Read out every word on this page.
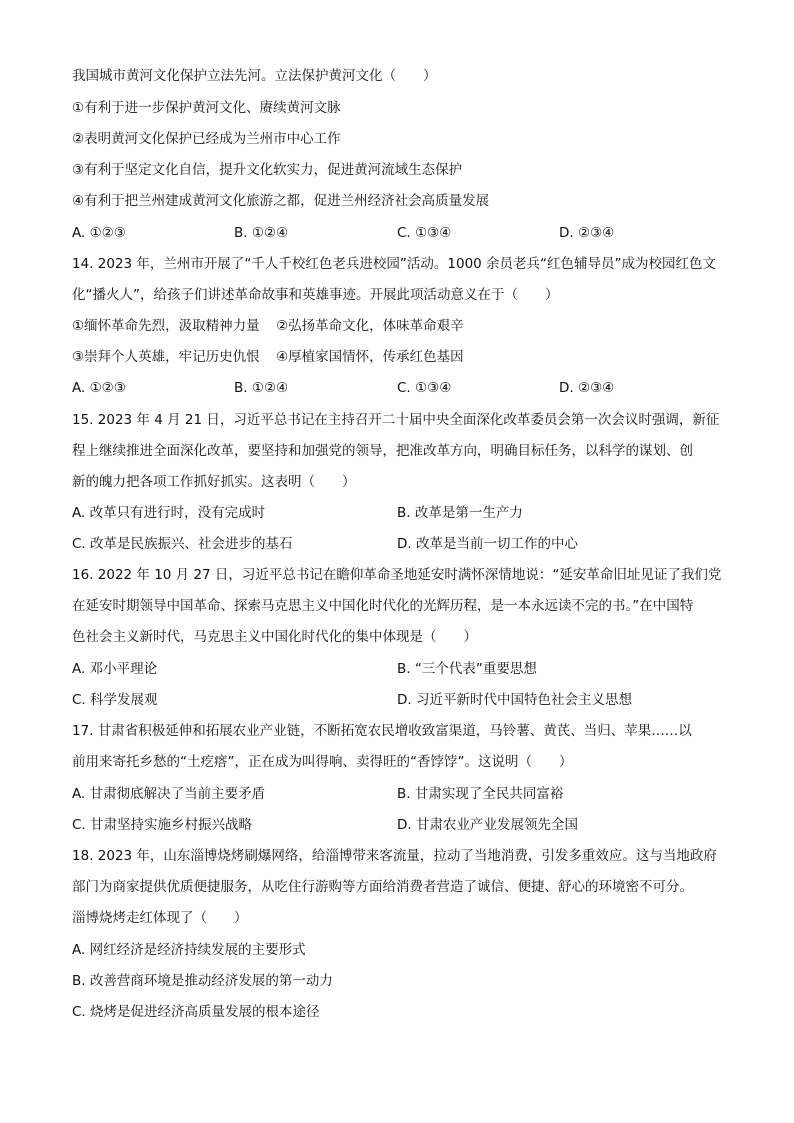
我国城市黄河文化保护立法先河。立法保护黄河文化（　　）
①有利于进一步保护黄河文化、赓续黄河文脉
②表明黄河文化保护已经成为兰州市中心工作
③有利于坚定文化自信，提升文化软实力，促进黄河流域生态保护
④有利于把兰州建成黄河文化旅游之都，促进兰州经济社会高质量发展
A. ①②③	B. ①②④	C. ①③④	D. ②③④
14. 2023 年，兰州市开展了“千人千校红色老兵进校园”活动。1000 余员老兵“红色辅导员”成为校园红色文
化“播火人”，给孩子们讲述革命故事和英雄事迹。开展此项活动意义在于（　　）
①缅怀革命先烈，汲取精神力量 ②弘扬革命文化，体味革命艰辛
③崇拜个人英雄，牢记历史仇恨 ④厚植家国情怀，传承红色基因
A. ①②③	B. ①②④	C. ①③④	D. ②③④
15. 2023 年 4 月 21 日，习近平总书记在主持召开二十届中央全面深化改革委员会第一次会议时强调，新征
程上继续推进全面深化改革，要坚持和加强党的领导，把准改革方向，明确目标任务，以科学的谋划、创
新的魄力把各项工作抓好抓实。这表明（　　）
A. 改革只有进行时，没有完成时	B. 改革是第一生产力
C. 改革是民族振兴、社会进步的基石	D. 改革是当前一切工作的中心
16. 2022 年 10 月 27 日，习近平总书记在瞻仰革命圣地延安时满怀深情地说：“延安革命旧址见证了我们党
在延安时期领导中国革命、探索马克思主义中国化时代化的光辉历程，是一本永远读不完的书。”在中国特
色社会主义新时代，马克思主义中国化时代化的集中体现是（　　）
A. 邓小平理论	B. “三个代表”重要思想
C. 科学发展观	D. 习近平新时代中国特色社会主义思想
17. 甘肃省积极延伸和拓展农业产业链，不断拓宽农民增收致富渠道，马铃薯、黄芪、当归、苹果……以
前用来寄托乡愁的“土疙瘩”，正在成为叫得响、卖得旺的“香饽饽”。这说明（　　）
A. 甘肃彻底解决了当前主要矛盾	B. 甘肃实现了全民共同富裕
C. 甘肃坚持实施乡村振兴战略	D. 甘肃农业产业发展领先全国
18. 2023 年，山东淄博烧烤刷爆网络，给淄博带来客流量，拉动了当地消费，引发多重效应。这与当地政府
部门为商家提供优质便捷服务，从吃住行游购等方面给消费者营造了诚信、便捷、舒心的环境密不可分。
淄博烧烤走红体现了（　　）
A. 网红经济是经济持续发展的主要形式
B. 改善营商环境是推动经济发展的第一动力
C. 烧烤是促进经济高质量发展的根本途径
